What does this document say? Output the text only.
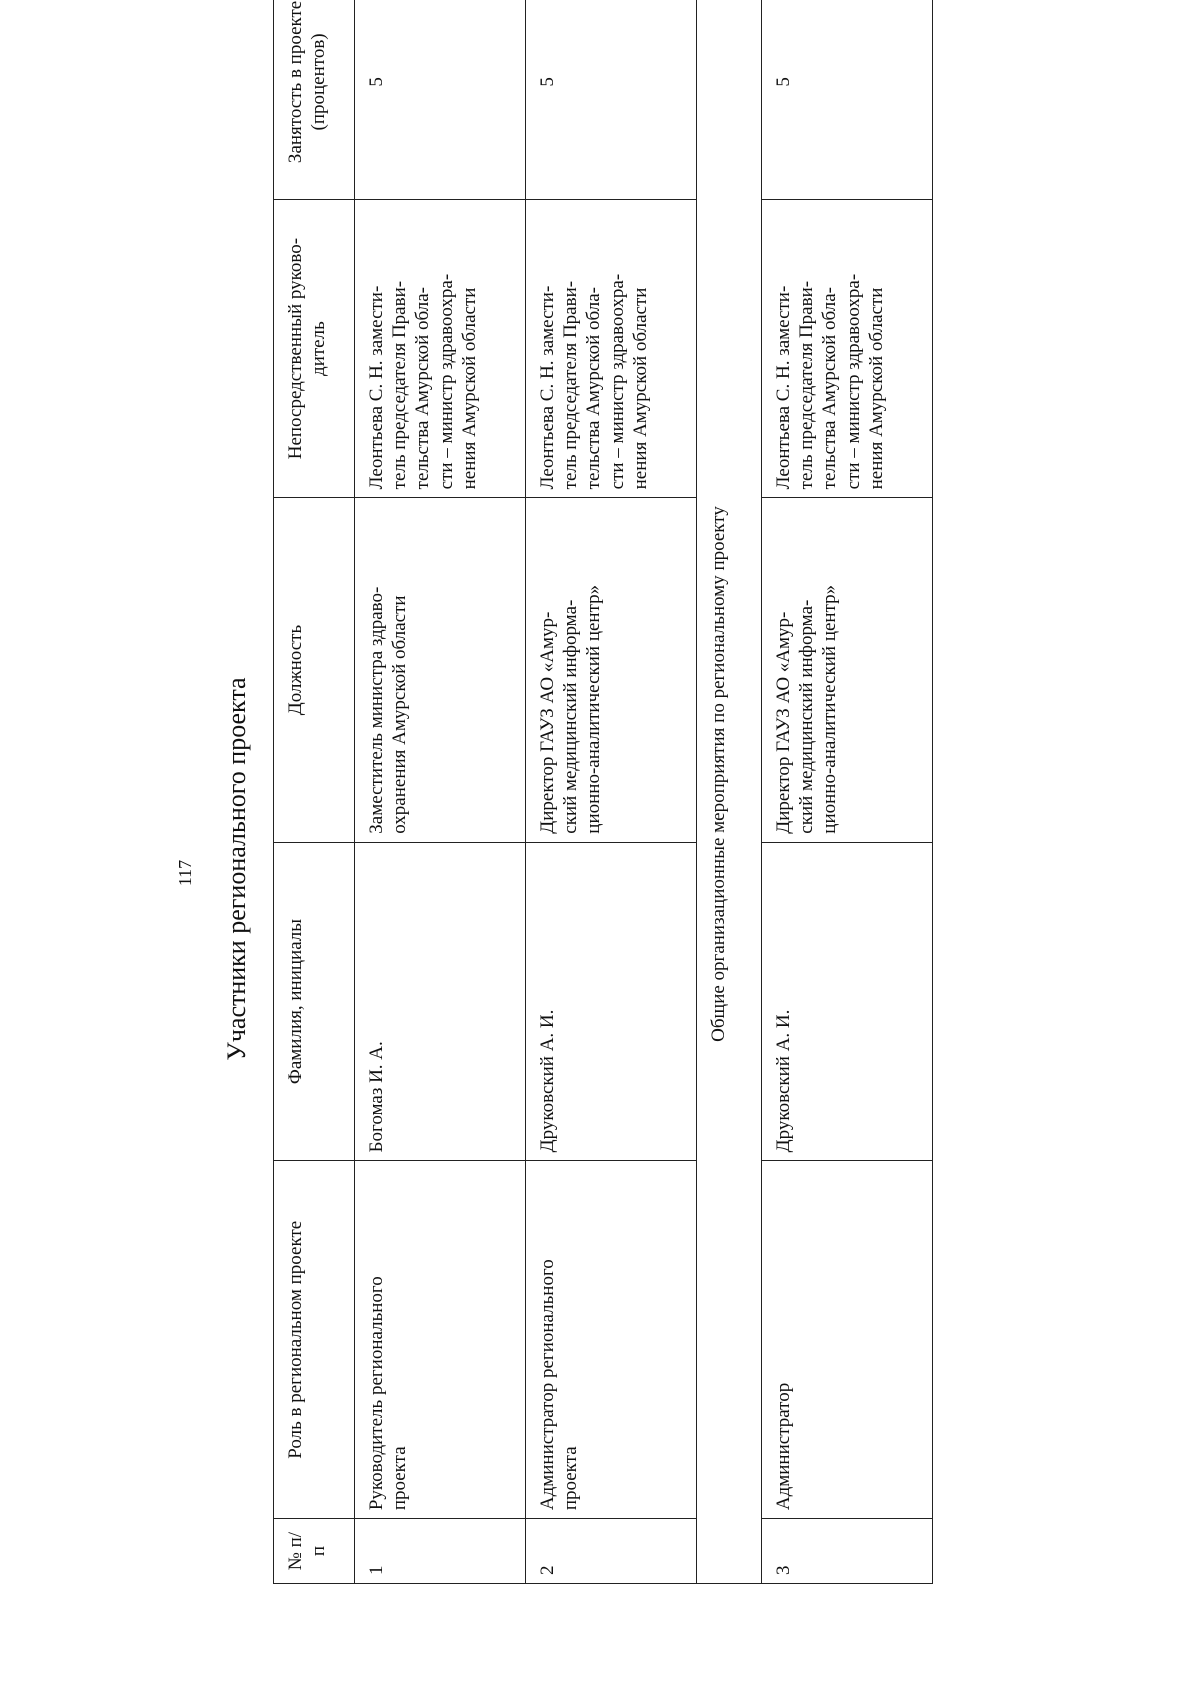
117 Участники регионального проекта
№ п/п	Роль в региональном проекте	Фамилия, инициалы	Должность	Непосредственный руково-
дитель	Занятость в проекте
(процентов)
1	Руководитель регионального
проекта	Богомаз И. А.	Заместитель министра здраво-
охранения Амурской области	Леонтьева С. Н. замести-
тель председателя Прави-
тельства Амурской обла-
сти – министр здравоохра-
нения Амурской области	5
2	Администратор регионального
проекта	Друковский А. И.	Директор ГАУЗ АО «Амур-
ский медицинский информа-
ционно-аналитический центр»	Леонтьева С. Н. замести-
тель председателя Прави-
тельства Амурской обла-
сти – министр здравоохра-
нения Амурской области	5
Общие организационные мероприятия по региональному проекту					
3	Администратор	Друковский А. И.	Директор ГАУЗ АО «Амур-
ский медицинский информа-
ционно-аналитический центр»	Леонтьева С. Н. замести-
тель председателя Прави-
тельства Амурской обла-
сти – министр здравоохра-
нения Амурской области	5
